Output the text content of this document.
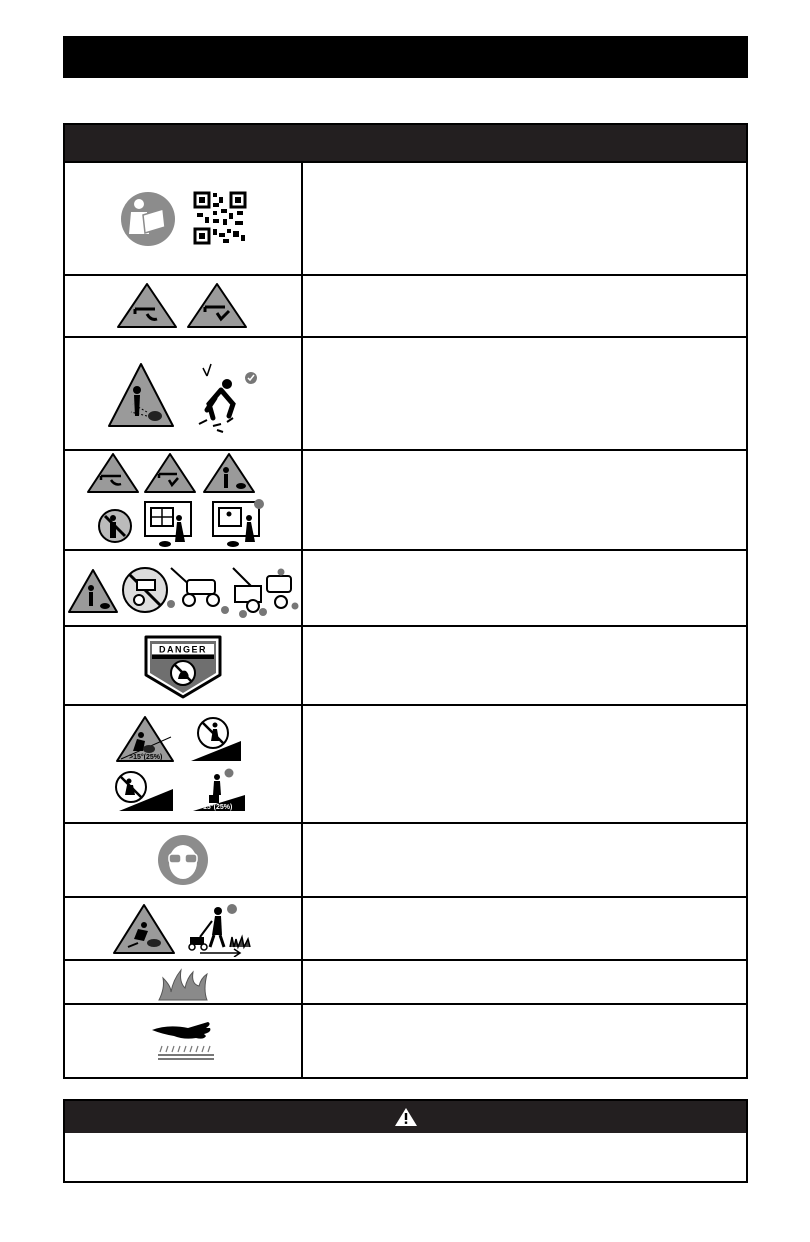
DANGER
>15°(25%)
< 15°(25%)
